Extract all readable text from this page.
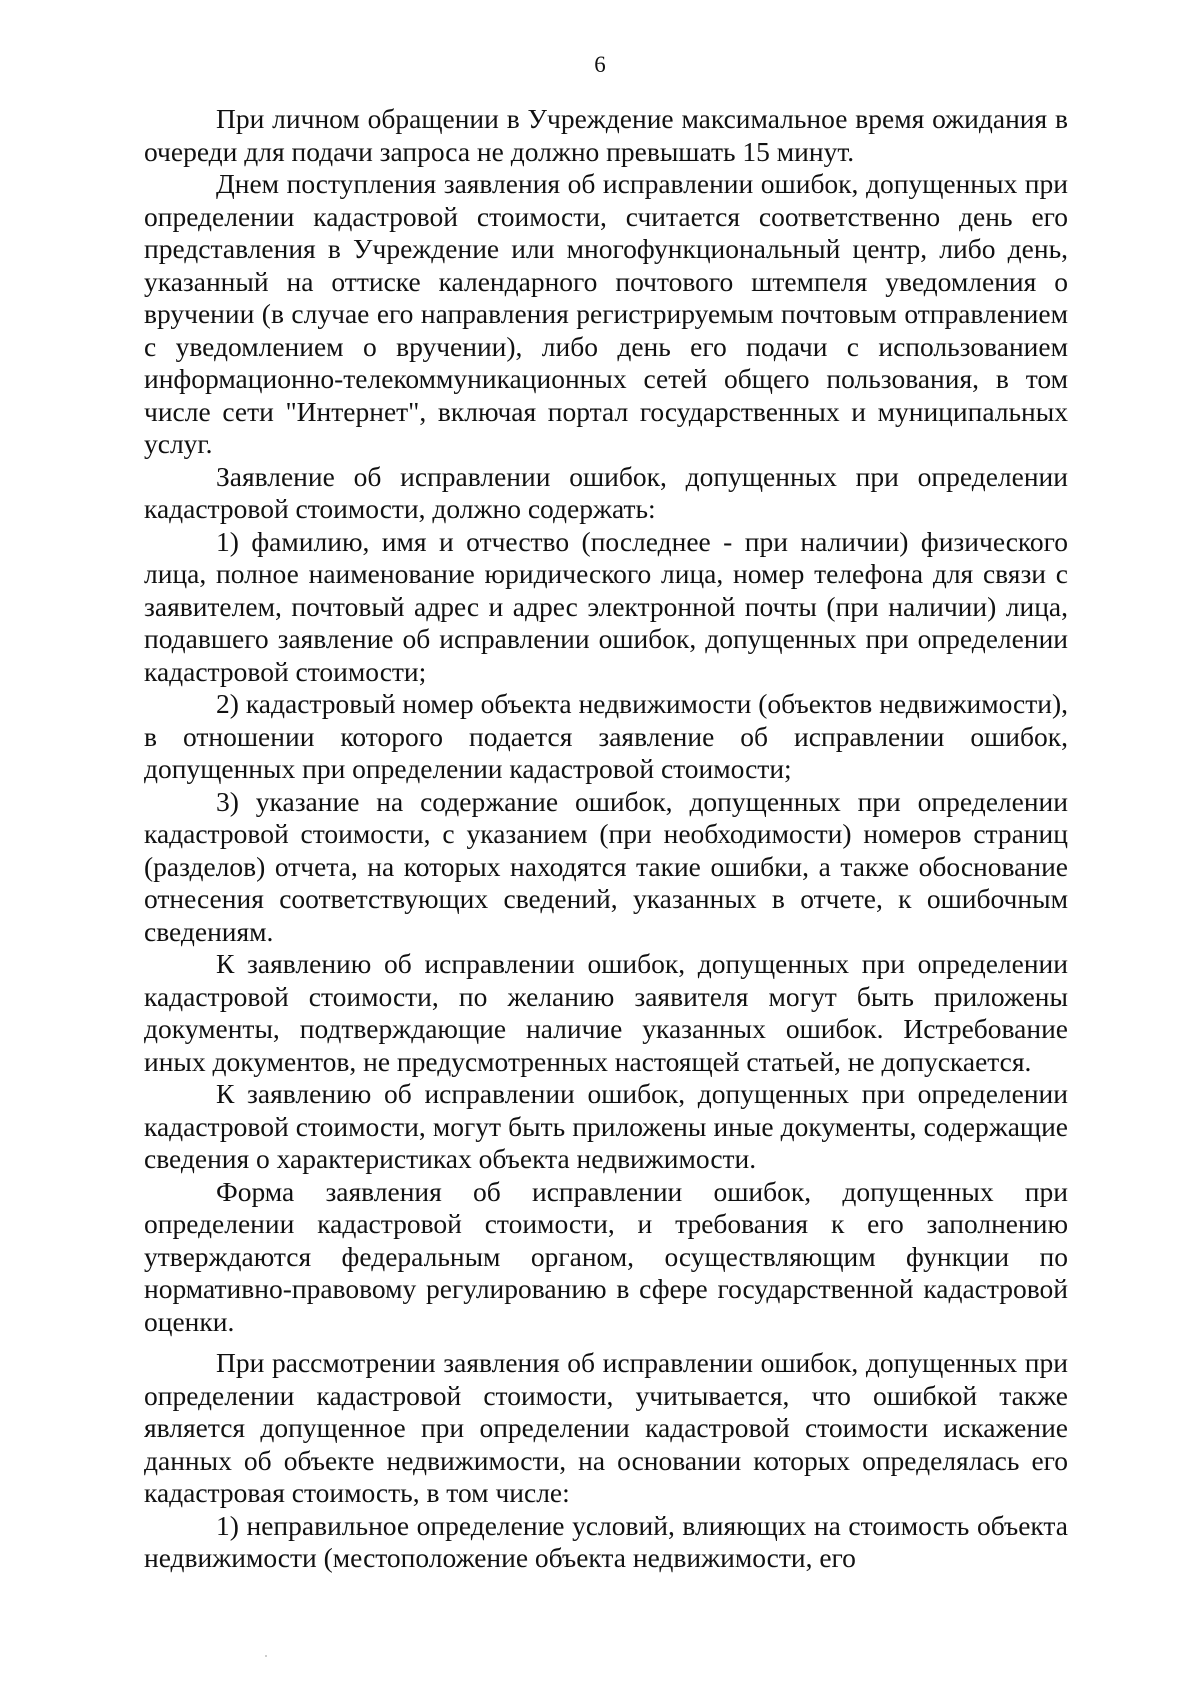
6

При личном обращении в Учреждение максимальное время ожидания в очереди для подачи запроса не должно превышать 15 минут.

Днем поступления заявления об исправлении ошибок, допущенных при определении кадастровой стоимости, считается соответственно день его представления в Учреждение или многофункциональный центр, либо день, указанный на оттиске календарного почтового штемпеля уведомления о вручении (в случае его направления регистрируемым почтовым отправлением с уведомлением о вручении), либо день его подачи с использованием информационно-телекоммуникационных сетей общего пользования, в том числе сети "Интернет", включая портал государственных и муниципальных услуг.

Заявление об исправлении ошибок, допущенных при определении кадастровой стоимости, должно содержать:

1) фамилию, имя и отчество (последнее - при наличии) физического лица, полное наименование юридического лица, номер телефона для связи с заявителем, почтовый адрес и адрес электронной почты (при наличии) лица, подавшего заявление об исправлении ошибок, допущенных при определении кадастровой стоимости;

2) кадастровый номер объекта недвижимости (объектов недвижимости), в отношении которого подается заявление об исправлении ошибок, допущенных при определении кадастровой стоимости;

3) указание на содержание ошибок, допущенных при определении кадастровой стоимости, с указанием (при необходимости) номеров страниц (разделов) отчета, на которых находятся такие ошибки, а также обоснование отнесения соответствующих сведений, указанных в отчете, к ошибочным сведениям.

К заявлению об исправлении ошибок, допущенных при определении кадастровой стоимости, по желанию заявителя могут быть приложены документы, подтверждающие наличие указанных ошибок. Истребование иных документов, не предусмотренных настоящей статьей, не допускается.

К заявлению об исправлении ошибок, допущенных при определении кадастровой стоимости, могут быть приложены иные документы, содержащие сведения о характеристиках объекта недвижимости.

Форма заявления об исправлении ошибок, допущенных при определении кадастровой стоимости, и требования к его заполнению утверждаются федеральным органом, осуществляющим функции по нормативно-правовому регулированию в сфере государственной кадастровой оценки.

При рассмотрении заявления об исправлении ошибок, допущенных при определении кадастровой стоимости, учитывается, что ошибкой также является допущенное при определении кадастровой стоимости искажение данных об объекте недвижимости, на основании которых определялась его кадастровая стоимость, в том числе:

1) неправильное определение условий, влияющих на стоимость объекта недвижимости (местоположение объекта недвижимости, его
